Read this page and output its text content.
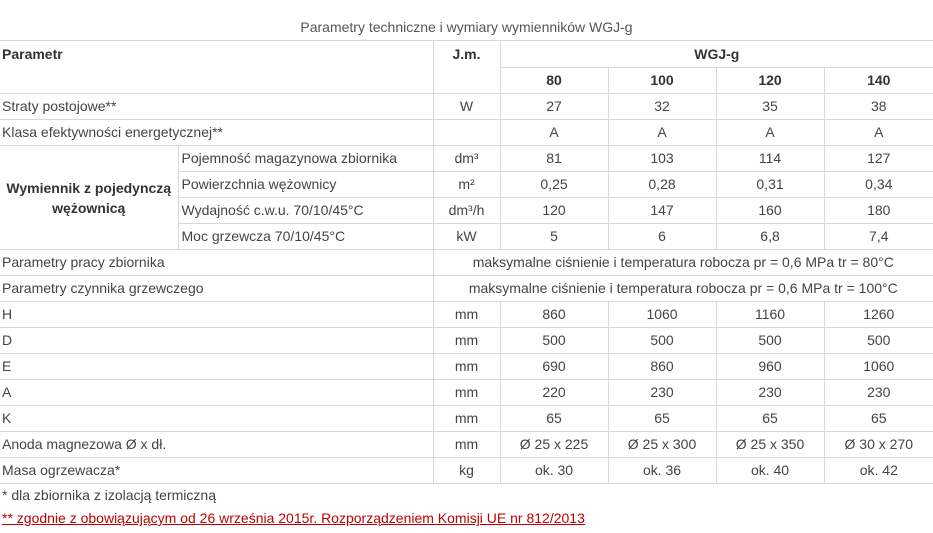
Parametry techniczne i wymiary wymienników WGJ-g
Parametr		J.m.	WGJ-g			
			80	100	120	140
Straty postojowe**		W	27	32	35	38
Klasa efektywności energetycznej**			A	A	A	A
Wymiennik z pojedynczą wężownicą	Pojemność magazynowa zbiornika	dm³	81	103	114	127
	Powierzchnia wężownicy	m²	0,25	0,28	0,31	0,34
	Wydajność c.w.u. 70/10/45°C	dm³/h	120	147	160	180
	Moc grzewcza 70/10/45°C	kW	5	6	6,8	7,4
Parametry pracy zbiornika		maksymalne ciśnienie i temperatura robocza pr = 0,6 MPa tr = 80°C				
Parametry czynnika grzewczego		maksymalne ciśnienie i temperatura robocza pr = 0,6 MPa tr = 100°C				
H		mm	860	1060	1160	1260
D		mm	500	500	500	500
E		mm	690	860	960	1060
A		mm	220	230	230	230
K		mm	65	65	65	65
Anoda magnezowa Ø x dł.		mm	Ø 25 x 225	Ø 25 x 300	Ø 25 x 350	Ø 30 x 270
Masa ogrzewacza*		kg	ok. 30	ok. 36	ok. 40	ok. 42
* dla zbiornika z izolacją termiczną
** zgodnie z obowiązującym od 26 września 2015r. Rozporządzeniem Komisji UE nr 812/2013
